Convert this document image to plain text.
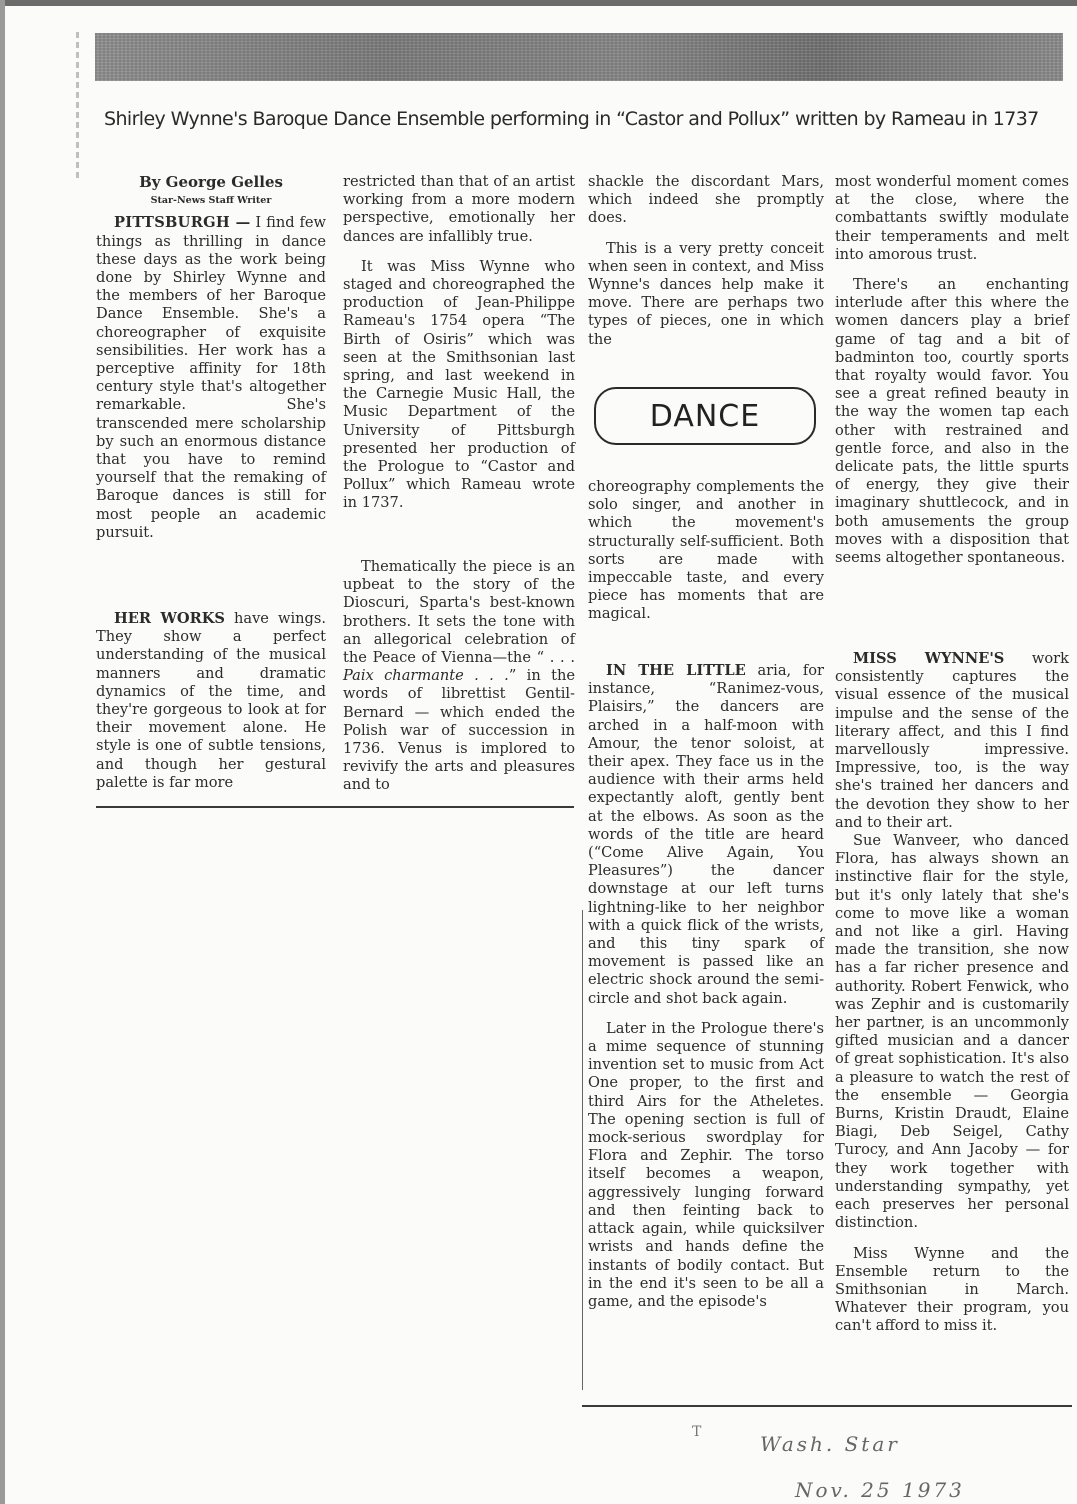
Shirley Wynne's Baroque Dance Ensemble performing in “Castor and Pollux” written by Rameau in 1737
By George Gelles
Star-News Staff Writer

PITTSBURGH — I find few things as thrilling in dance these days as the work being done by Shirley Wynne and the members of her Baroque Dance Ensemble. She's a choreographer of exquisite sensibilities. Her work has a perceptive affinity for 18th century style that's altogether remarkable. She's transcended mere scholarship by such an enormous distance that you have to remind yourself that the remaking of Baroque dances is still for most people an academic pursuit.

HER WORKS have wings. They show a perfect understanding of the musical manners and dramatic dynamics of the time, and they're gorgeous to look at for their movement alone. He style is one of subtle tensions, and though her gestural palette is far more

restricted than that of an artist working from a more modern perspective, emotionally her dances are infallibly true.

It was Miss Wynne who staged and choreographed the production of Jean-Philippe Rameau's 1754 opera “The Birth of Osiris” which was seen at the Smithsonian last spring, and last weekend in the Carnegie Music Hall, the Music Department of the University of Pittsburgh presented her production of the Prologue to “Castor and Pollux” which Rameau wrote in 1737.

Thematically the piece is an upbeat to the story of the Dioscuri, Sparta's best-known brothers. It sets the tone with an allegorical celebration of the Peace of Vienna—the “ . . . Paix charmante . . .” in the words of librettist Gentil-Bernard — which ended the Polish war of succession in 1736. Venus is implored to revivify the arts and pleasures and to

shackle the discordant Mars, which indeed she promptly does.

This is a very pretty conceit when seen in context, and Miss Wynne's dances help make it move. There are perhaps two types of pieces, one in which the

DANCE

choreography complements the solo singer, and another in which the movement's structurally self-sufficient. Both sorts are made with impeccable taste, and every piece has moments that are magical.

IN THE LITTLE aria, for instance, “Ranimez-vous, Plaisirs,” the dancers are arched in a half-moon with Amour, the tenor soloist, at their apex. They face us in the audience with their arms held expectantly aloft, gently bent at the elbows. As soon as the words of the title are heard (“Come Alive Again, You Pleasures”) the dancer downstage at our left turns lightning-like to her neighbor with a quick flick of the wrists, and this tiny spark of movement is passed like an electric shock around the semi-circle and shot back again.

Later in the Prologue there's a mime sequence of stunning invention set to music from Act One proper, to the first and third Airs for the Atheletes. The opening section is full of mock-serious swordplay for Flora and Zephir. The torso itself becomes a weapon, aggressively lunging forward and then feinting back to attack again, while quicksilver wrists and hands define the instants of bodily contact. But in the end it's seen to be all a game, and the episode's

most wonderful moment comes at the close, where the combattants swiftly modulate their temperaments and melt into amorous trust.

There's an enchanting interlude after this where the women dancers play a brief game of tag and a bit of badminton too, courtly sports that royalty would favor. You see a great refined beauty in the way the women tap each other with restrained and gentle force, and also in the delicate pats, the little spurts of energy, they give their imaginary shuttlecock, and in both amusements the group moves with a disposition that seems altogether spontaneous.

MISS WYNNE'S work consistently captures the visual essence of the musical impulse and the sense of the literary affect, and this I find marvellously impressive. Impressive, too, is the way she's trained her dancers and the devotion they show to her and to their art.

Sue Wanveer, who danced Flora, has always shown an instinctive flair for the style, but it's only lately that she's come to move like a woman and not like a girl. Having made the transition, she now has a far richer presence and authority. Robert Fenwick, who was Zephir and is customarily her partner, is an uncommonly gifted musician and a dancer of great sophistication. It's also a pleasure to watch the rest of the ensemble — Georgia Burns, Kristin Draudt, Elaine Biagi, Deb Seigel, Cathy Turocy, and Ann Jacoby — for they work together with understanding sympathy, yet each preserves her personal distinction.

Miss Wynne and the Ensemble return to the Smithsonian in March. Whatever their program, you can't afford to miss it.

T	Wash. Star
Nov. 25 1973
